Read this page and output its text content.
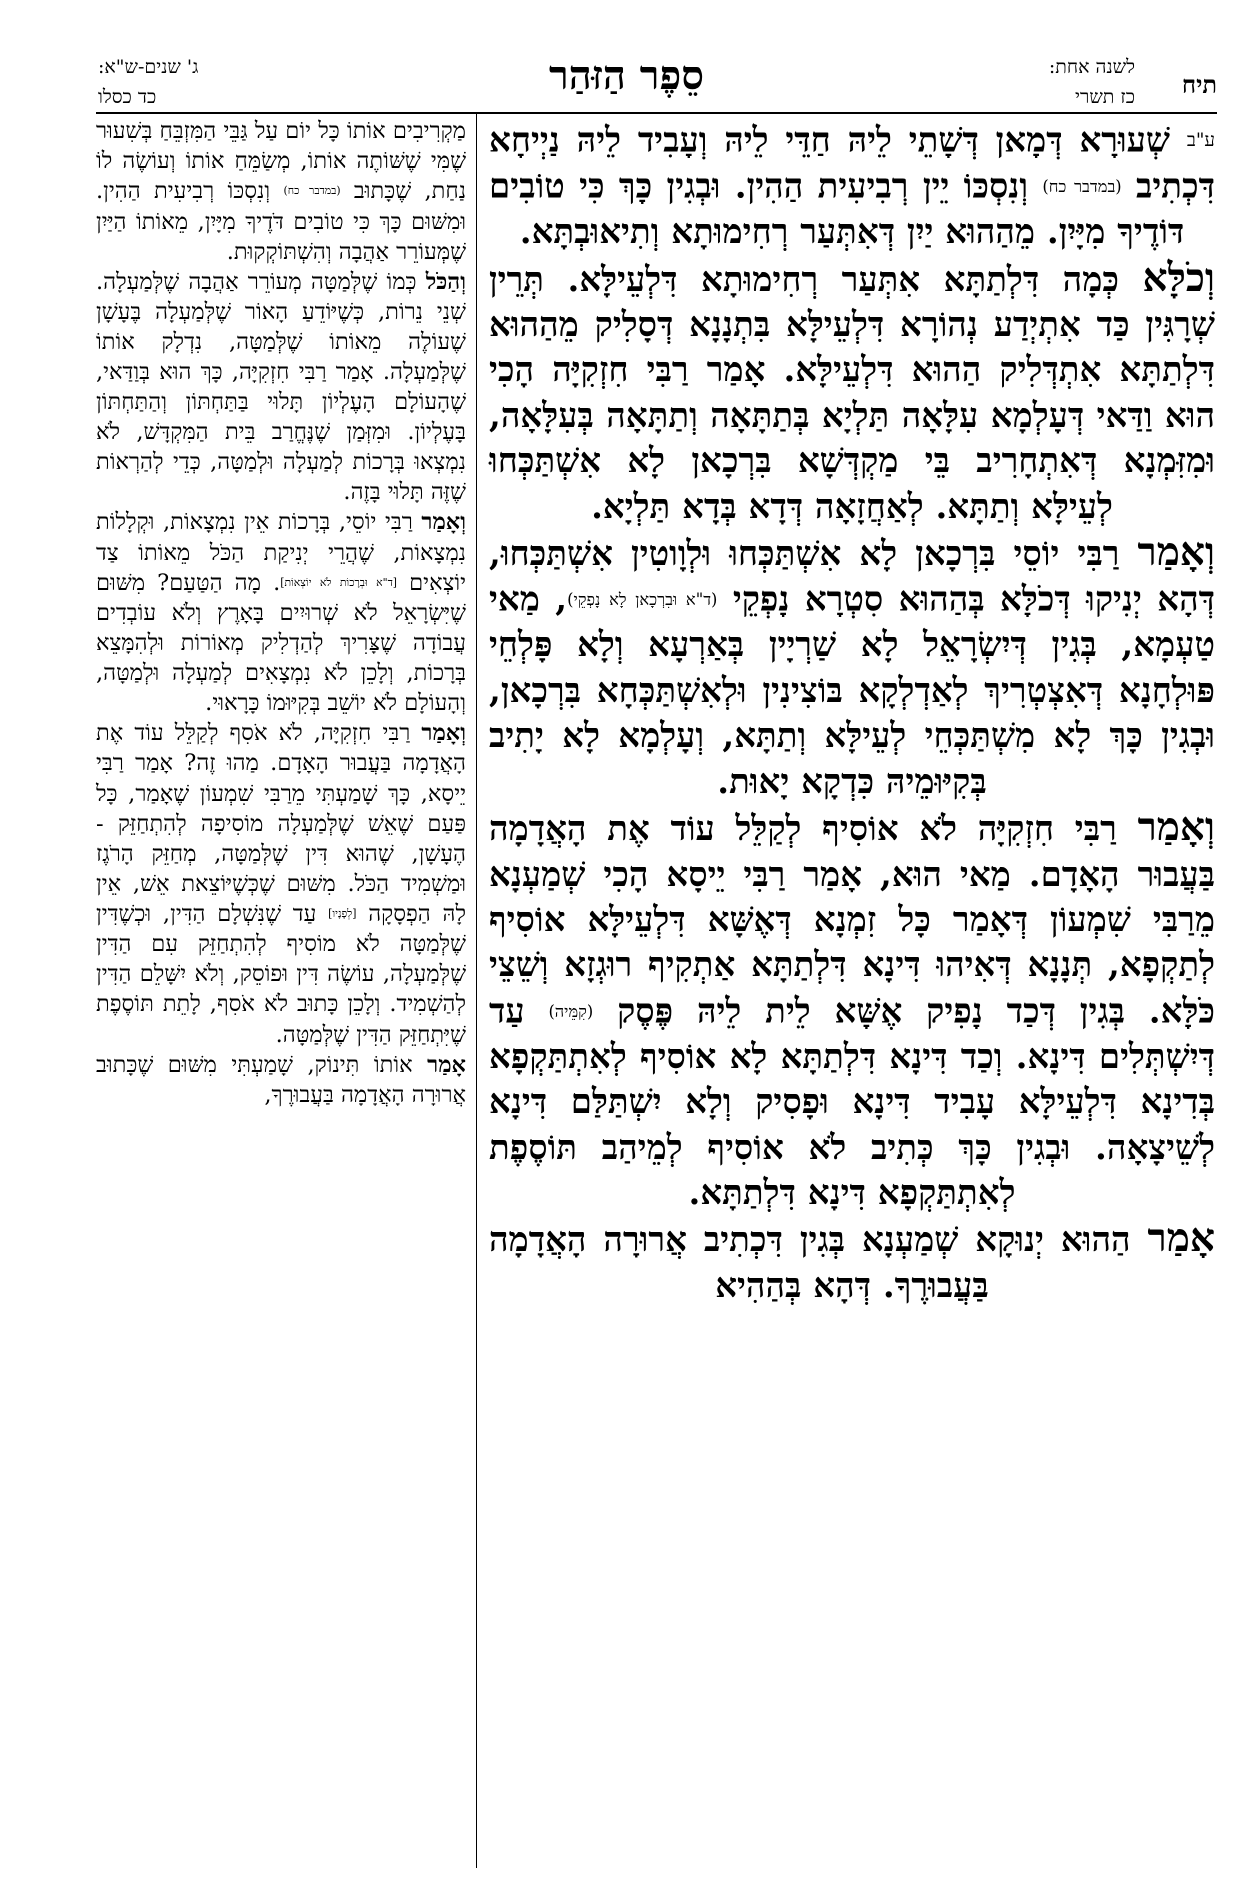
תיח
לשנה אחת:
כז תשרי
סֵפֶר הַזּהַר
ג' שנים-ש"א:
כד כסלו

ע"ב שְׁעוּרָא דְּמָאן דְּשָׁתֵי לֵיהּ חַדֵּי לֵיהּ וְעָבִיד לֵיהּ נַיְיחָא דִּכְתִיב (במדבר כח) וְנִסְכּוֹ יֵין רְבִיעִית הַהִין. וּבְגִין כָּךְ כִּי טוֹבִים דּוֹדֶיךָ מִיָּיִן. מֵהַהוּא יַיִן דְּאִתְּעַר רְחִימוּתָא וְתִיאוּבְתָּא.

וְכֹלָּא כְּמָה דִּלְתַתָּא אִתְּעַר רְחִימוּתָא דִּלְעֵילָּא. תְּרֵין שְׁרָגִּין כַּד אִתְיְדַע נְהוֹרָא דִּלְעֵילָּא בִּתְנָנָא דְּסָלִיק מֵהַהוּא דִּלְתַתָּא אִתְדְּלִיק הַהוּא דִּלְעֵילָּא. אָמַר רַבִּי חִזְקִיָּה הָכִי הוּא וַדַּאי דְּעָלְמָא עִלָּאָה תַּלְיָא בְּתַתָּאָה וְתַתָּאָה בְּעִלָּאָה, וּמִזִּמְנָא דְּאִתְחָרִיב בֵּי מַקְדְּשָׁא בִּרְכָאן לָא אִשְׁתַּכְּחוּ לְעֵילָּא וְתַתָּא. לְאַחֲזָאָה דְּדָא בְּדָא תַּלְיָא.

וְאָמַר רַבִּי יוֹסֵי בִּרְכָאן לָא אִשְׁתַּכְּחוּ וּלְוָוטִין אִשְׁתַּכְּחוּ, דְּהָא יְנִיקוּ דְּכֹלָּא בְּהַהוּא סִטְרָא נָפְקֵי (ד"א וּבִרְכָאן לָא נָפְקֵי), מַאי טַעְמָא, בְּגִין דְּיִשְׂרָאֵל לָא שַׁרְיָין בְּאַרְעָא וְלָא פָּלְחֵי פּוּלְחָנָא דְּאִצְטְרִיךְ לְאַדְלְקָא בּוֹצִינִין וּלְאִשְׁתַּכְּחָא בִּרְכָאן, וּבְגִין כָּךְ לָא מִשְׁתַּכְּחֵי לְעֵילָּא וְתַתָּא, וְעָלְמָא לָא יָתִיב בְּקִיּוּמֵיהּ כִּדְקָא יָאוּת.

וְאָמַר רַבִּי חִזְקִיָּה לֹא אוֹסִיף לְקַלֵּל עוֹד אֶת הָאֲדָמָה בַּעֲבוּר הָאָדָם. מַאי הוּא, אָמַר רַבִּי יֵיסָא הָכִי שְׁמַעְנָא מֵרַבִּי שִׁמְעוֹן דְּאָמַר כָּל זִמְנָא דְּאֶשָּׁא דִּלְעֵילָּא אוֹסִיף לְתַקְפָא, תְּנָנָא דְּאִיהוּ דִּינָא דִּלְתַתָּא אַתְקִיף רוּגְזָא וְשֵׁצֵי כֹּלָּא. בְּגִין דְּכַד נָפִיק אֶשָּׁא לֵית לֵיהּ פֶּסֶק (קִמֵּיה) עַד דְּיִשְׁתְּלִים דִּינָא. וְכַד דִּינָא דִּלְתַתָּא לָא אוֹסִיף לְאִתְתַּקְפָא בְּדִינָא דִּלְעֵילָּא עָבִיד דִּינָא וּפָסִיק וְלָא יִשְׁתַּלַּם דִּינָא לְשֵׁיצָאָה. וּבְגִין כָּךְ כְּתִיב לֹא אוֹסִיף לְמֵיהַב תּוֹסֶפֶת לְאִתְתַּקְפָא דִּינָא דִּלְתַתָּא.

אָמַר הַהוּא יְנוּקָא שְׁמַעְנָא בְּגִין דִּכְתִיב אֲרוּרָה הָאֲדָמָה בַּעֲבוּרֶךָ. דְּהָא בְּהַהִיא

מַקְרִיבִים אוֹתוֹ כָּל יוֹם עַל גַּבֵּי הַמִּזְבֵּחַ בְּשִׁעוּר שֶׁמִּי שֶׁשּׁוֹתֶה אוֹתוֹ, מְשַׂמֵּחַ אוֹתוֹ וְעוֹשֶׂה לוֹ נַחַת, שֶׁכָּתוּב (במדבר כח) וְנִסְכּוֹ רְבִיעִית הַהִין. וּמִשּׁוּם כָּךְ כִּי טוֹבִים דֹּדֶיךָ מִיָּיִן, מֵאוֹתוֹ הַיַּיִן שֶׁמְּעוֹרֵר אַהֲבָה וְהִשְׁתּוֹקְקוּת.

וְהַכֹּל כְּמוֹ שֶׁלְּמַטָּה מְעוֹרֵר אַהֲבָה שֶׁלְּמַעְלָה. שְׁנֵי נֵרוֹת, כְּשֶׁיּוֹדֵעַ הָאוֹר שֶׁלְּמַעְלָה בֶּעָשָׁן שֶׁעוֹלֶה מֵאוֹתוֹ שֶׁלְּמַטָּה, נִדְלָק אוֹתוֹ שֶׁלְּמַעְלָה. אָמַר רַבִּי חִזְקִיָּה, כָּךְ הוּא בְּוַדַּאי, שֶׁהָעוֹלָם הָעֶלְיוֹן תָּלוּי בַּתַּחְתּוֹן וְהַתַּחְתּוֹן בָּעֶלְיוֹן. וּמִזְּמַן שֶׁנֶּחֱרַב בֵּית הַמִּקְדָּשׁ, לֹא נִמְצְאוּ בְּרָכוֹת לְמַעְלָה וּלְמַטָּה, כְּדֵי לְהַרְאוֹת שֶׁזֶּה תָּלוּי בָּזֶה.

וְאָמַר רַבִּי יוֹסֵי, בְּרָכוֹת אֵין נִמְצָאוֹת, וּקְלָלוֹת נִמְצָאוֹת, שֶׁהֲרֵי יְנִיקַת הַכֹּל מֵאוֹתוֹ צַד יוֹצְאִים [ד"א וּבְרָכוֹת לֹא יוֹצְאוֹת]. מָה הַטַּעַם? מִשּׁוּם שֶׁיִּשְׂרָאֵל לֹא שְׁרוּיִים בָּאָרֶץ וְלֹא עוֹבְדִים עֲבוֹדָה שֶׁצָּרִיךְ לְהַדְלִיק מְאוֹרוֹת וּלְהִמָּצֵא בְּרָכוֹת, וְלָכֵן לֹא נִמְצָאִים לְמַעְלָה וּלְמַטָּה, וְהָעוֹלָם לֹא יוֹשֵׁב בְּקִיּוּמוֹ כָּרָאוּי.

וְאָמַר רַבִּי חִזְקִיָּה, לֹא אֹסִף לְקַלֵּל עוֹד אֶת הָאֲדָמָה בַּעֲבוּר הָאָדָם. מַהוּ זֶה? אָמַר רַבִּי יֵיסָא, כָּךְ שָׁמַעְתִּי מֵרַבִּי שִׁמְעוֹן שֶׁאָמַר, כָּל פַּעַם שֶׁאֵשׁ שֶׁלְּמַעְלָה מוֹסִיפָה לְהִתְחַזֵּק - הֶעָשָׁן, שֶׁהוּא דִּין שֶׁלְּמַטָּה, מְחַזֵּק הָרֹגֶז וּמַשְׁמִיד הַכֹּל. מִשּׁוּם שֶׁכְּשֶׁיּוֹצֵאת אֵשׁ, אֵין לָהּ הַפְסָקָה [לְפָנָיו] עַד שֶׁנִּשְׁלָם הַדִּין, וּכְשֶׁדִּין שֶׁלְּמַטָּה לֹא מוֹסִיף לְהִתְחַזֵּק עִם הַדִּין שֶׁלְּמַעְלָה, עוֹשֶׂה דִּין וּפוֹסֵק, וְלֹא יִשָּׁלֵם הַדִּין לְהַשְׁמִיד. וְלָכֵן כָּתוּב לֹא אֹסִף, לָתֵת תּוֹסֶפֶת שֶׁיִּתְחַזֵּק הַדִּין שֶׁלְּמַטָּה.

אָמַר אוֹתוֹ תִּינוֹק, שָׁמַעְתִּי מִשּׁוּם שֶׁכָּתוּב אֲרוּרָה הָאֲדָמָה בַּעֲבוּרֶךָ,
